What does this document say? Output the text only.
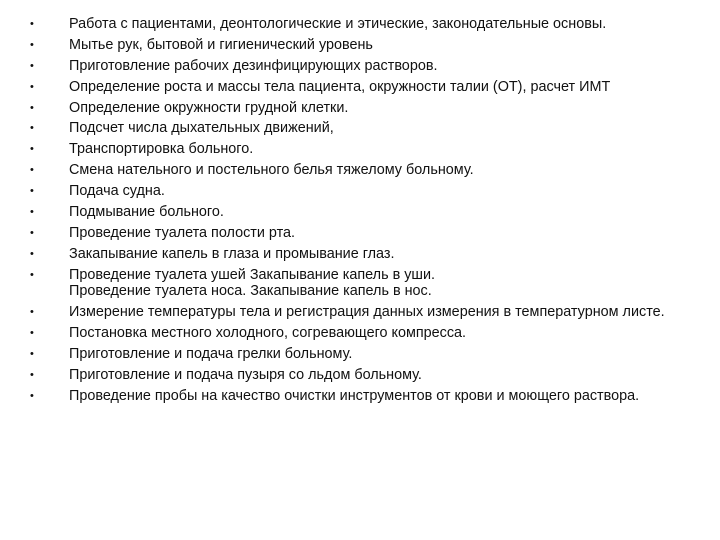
• Работа с пациентами, деонтологические и этические, законодательные основы.
• Мытье рук, бытовой и гигиенический уровень
• Приготовление рабочих дезинфицирующих растворов.
• Определение роста и массы тела пациента, окружности талии (ОТ), расчет ИМТ
• Определение окружности грудной клетки.
• Подсчет числа дыхательных движений,
• Транспортировка больного.
• Смена нательного и постельного белья тяжелому больному.
• Подача судна.
• Подмывание больного.
• Проведение туалета полости рта.
• Закапывание капель в глаза и промывание глаз.
• Проведение туалета ушей Закапывание капель в уши.
Проведение туалета носа. Закапывание капель в нос.
• Измерение температуры тела и регистрация данных измерения в температурном листе.
• Постановка местного холодного, согревающего компресса.
• Приготовление и подача грелки больному.
• Приготовление и подача пузыря со льдом больному.
• Проведение пробы на качество очистки инструментов от крови и моющего раствора.
